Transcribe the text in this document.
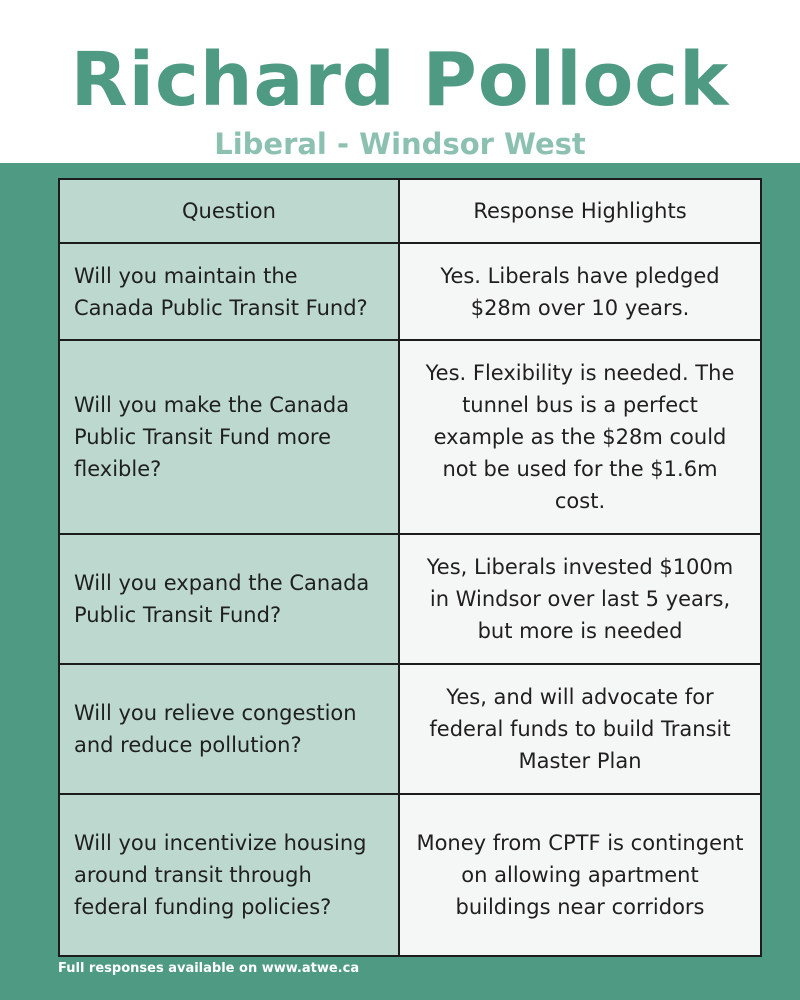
Richard Pollock
Liberal - Windsor West
Question	Response Highlights
Will you maintain the Canada Public Transit Fund?	Yes. Liberals have pledged $28m over 10 years.
Will you make the Canada Public Transit Fund more flexible?	Yes. Flexibility is needed. The tunnel bus is a perfect example as the $28m could not be used for the $1.6m cost.
Will you expand the Canada Public Transit Fund?	Yes, Liberals invested $100m in Windsor over last 5 years, but more is needed
Will you relieve congestion and reduce pollution?	Yes, and will advocate for federal funds to build Transit Master Plan
Will you incentivize housing around transit through federal funding policies?	Money from CPTF is contingent on allowing apartment buildings near corridors
Full responses available on www.atwe.ca
